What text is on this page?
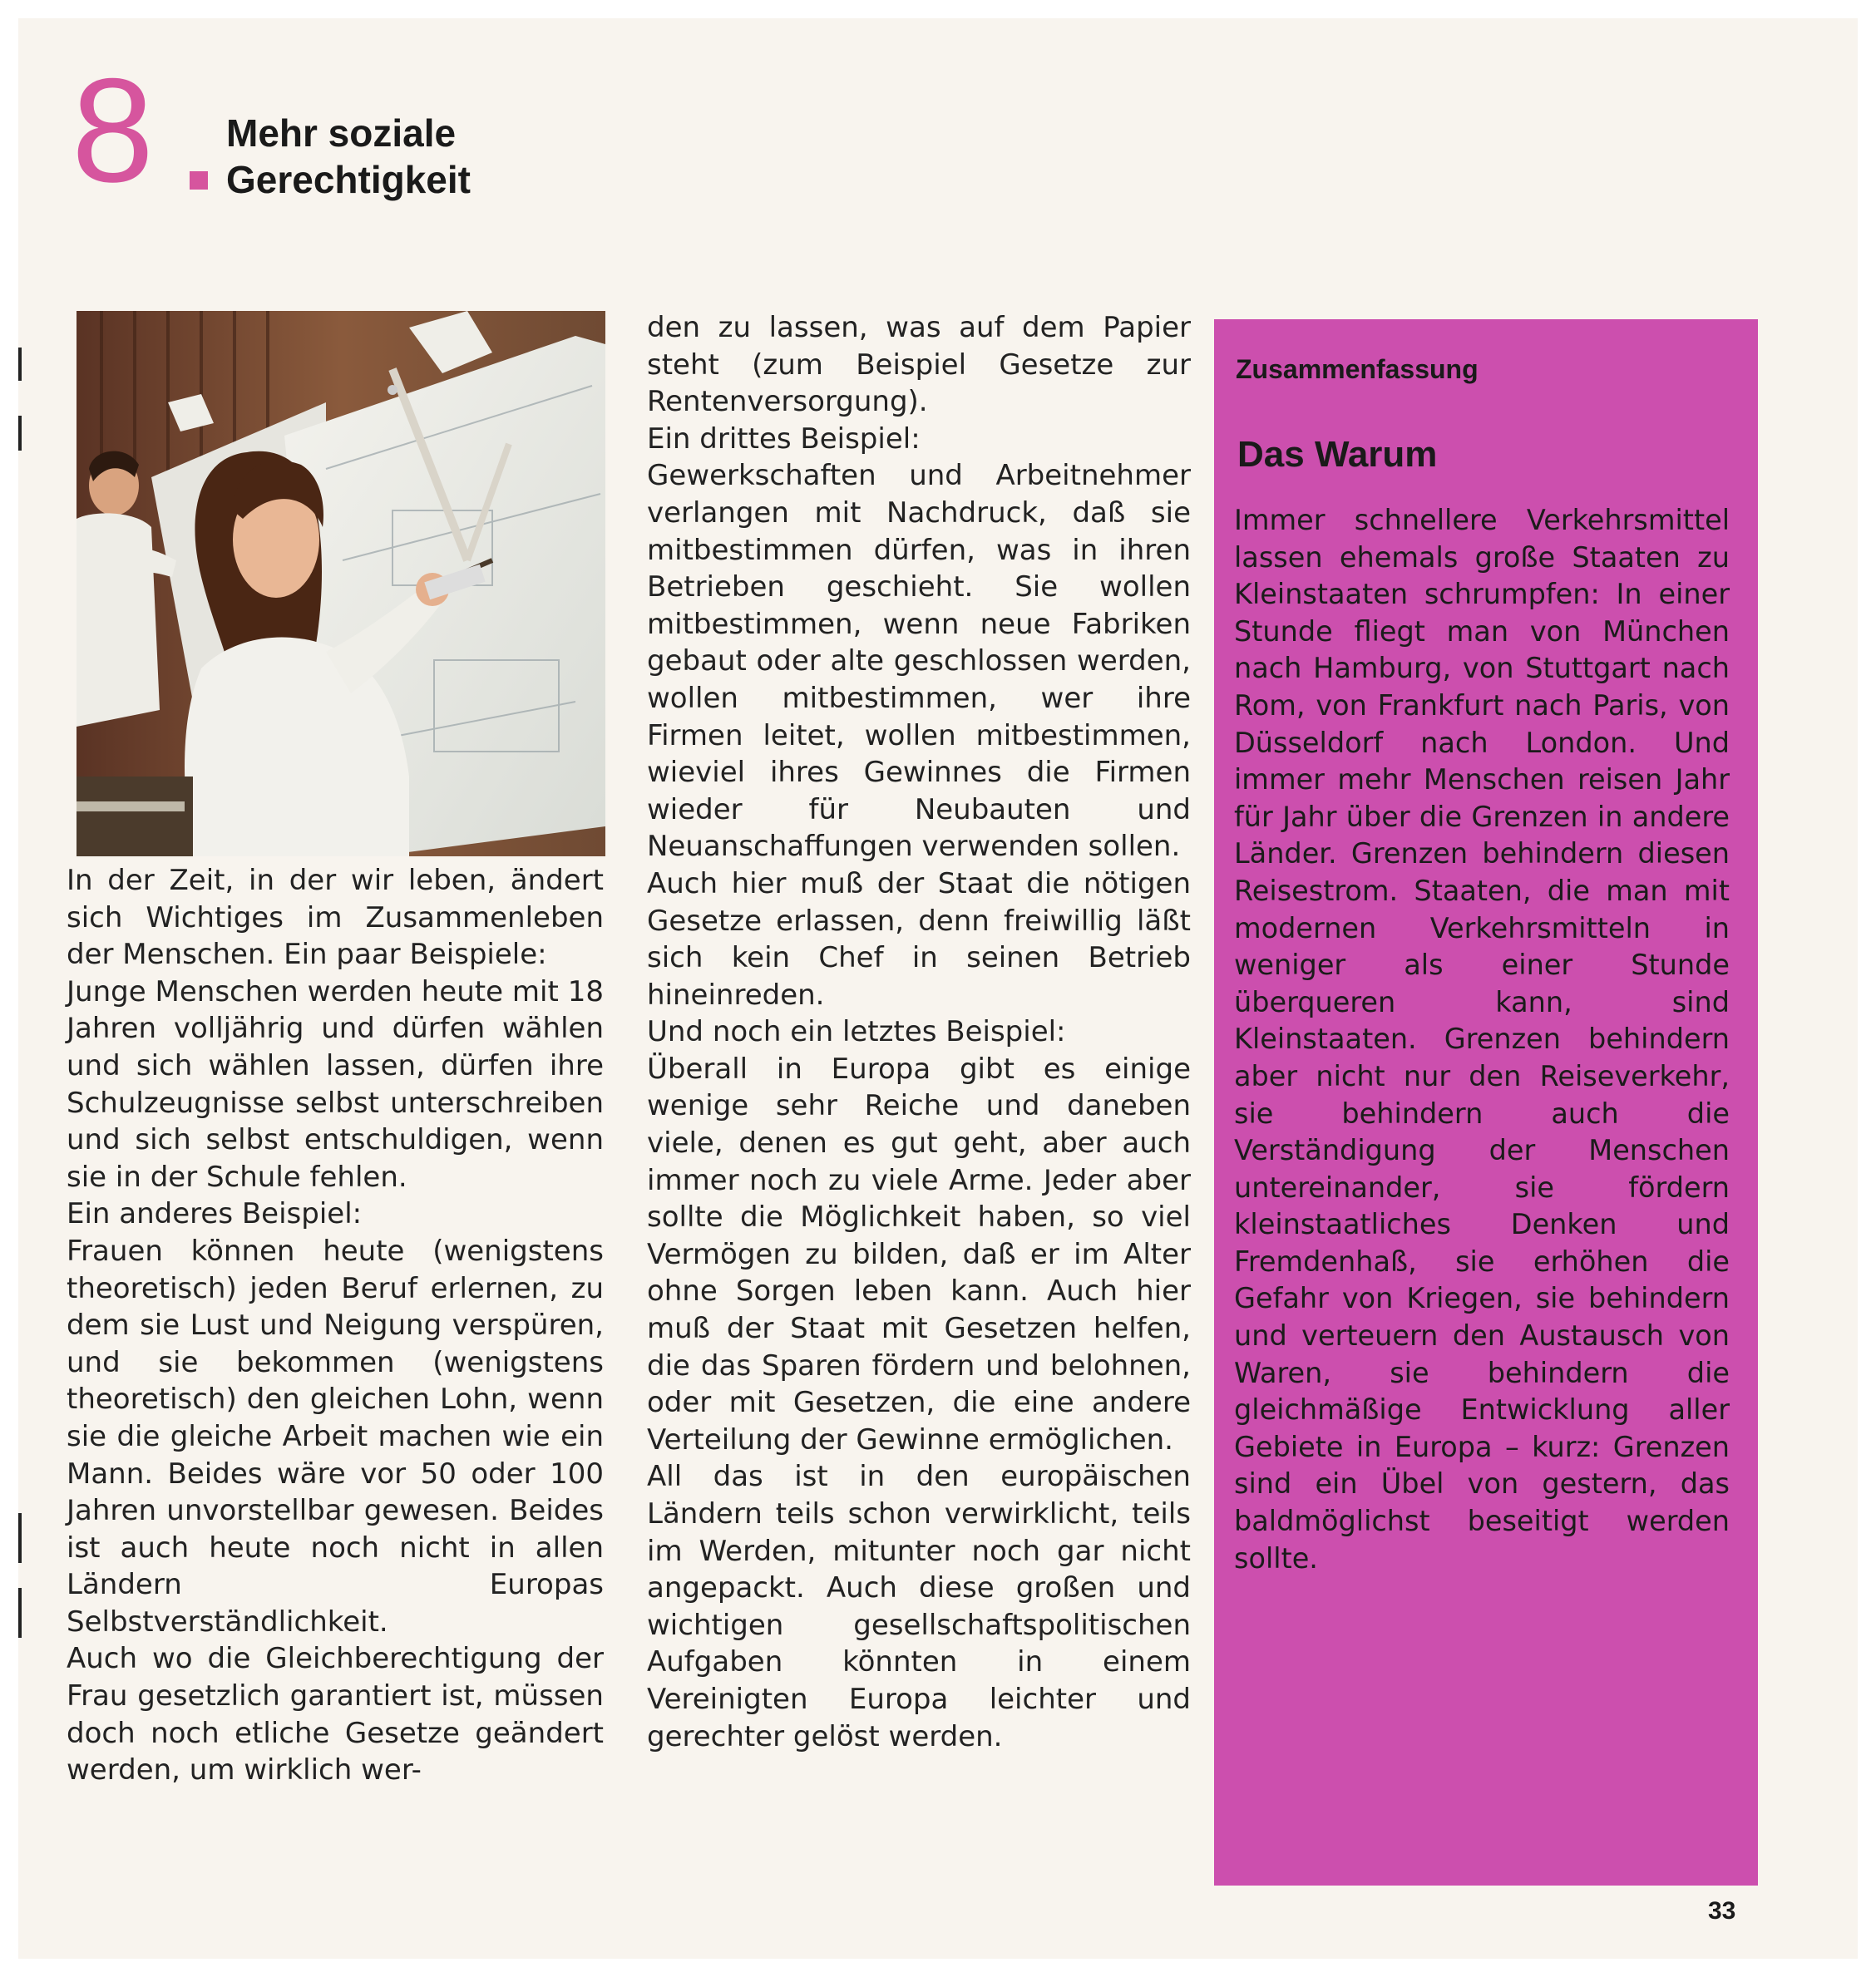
8 Mehr soziale
Gerechtigkeit

In der Zeit, in der wir leben, ändert sich Wichtiges im Zusammenleben der Menschen. Ein paar Beispiele:

Junge Menschen werden heute mit 18 Jahren volljährig und dürfen wählen und sich wählen lassen, dürfen ihre Schulzeugnisse selbst unterschreiben und sich selbst entschuldigen, wenn sie in der Schule fehlen.

Ein anderes Beispiel:

Frauen können heute (wenigstens theoretisch) jeden Beruf erlernen, zu dem sie Lust und Neigung verspüren, und sie bekommen (wenigstens theoretisch) den gleichen Lohn, wenn sie die gleiche Arbeit machen wie ein Mann. Beides wäre vor 50 oder 100 Jahren unvorstellbar gewesen. Beides ist auch heute noch nicht in allen Ländern Europas Selbstverständlichkeit.

Auch wo die Gleichberechtigung der Frau gesetzlich garantiert ist, müssen doch noch etliche Gesetze geändert werden, um wirklich wer-

den zu lassen, was auf dem Papier steht (zum Beispiel Gesetze zur Rentenversorgung).

Ein drittes Beispiel:

Gewerkschaften und Arbeitnehmer verlangen mit Nachdruck, daß sie mitbestimmen dürfen, was in ihren Betrieben geschieht. Sie wollen mitbestimmen, wenn neue Fabriken gebaut oder alte geschlossen werden, wollen mitbestimmen, wer ihre Firmen leitet, wollen mitbestimmen, wieviel ihres Gewinnes die Firmen wieder für Neubauten und Neuanschaffungen verwenden sollen.

Auch hier muß der Staat die nötigen Gesetze erlassen, denn freiwillig läßt sich kein Chef in seinen Betrieb hineinreden.

Und noch ein letztes Beispiel:

Überall in Europa gibt es einige wenige sehr Reiche und daneben viele, denen es gut geht, aber auch immer noch zu viele Arme. Jeder aber sollte die Möglichkeit haben, so viel Vermögen zu bilden, daß er im Alter ohne Sorgen leben kann. Auch hier muß der Staat mit Gesetzen helfen, die das Sparen fördern und belohnen, oder mit Gesetzen, die eine andere Verteilung der Gewinne ermöglichen.

All das ist in den europäischen Ländern teils schon verwirklicht, teils im Werden, mitunter noch gar nicht angepackt. Auch diese großen und wichtigen gesellschaftspolitischen Aufgaben könnten in einem Vereinigten Europa leichter und gerechter gelöst werden.

Zusammenfassung
Das Warum

Immer schnellere Verkehrsmittel lassen ehemals große Staaten zu Kleinstaaten schrumpfen: In einer Stunde fliegt man von München nach Hamburg, von Stuttgart nach Rom, von Frankfurt nach Paris, von Düsseldorf nach London. Und immer mehr Menschen reisen Jahr für Jahr über die Grenzen in andere Länder. Grenzen behindern diesen Reisestrom. Staaten, die man mit modernen Verkehrsmitteln in weniger als einer Stunde überqueren kann, sind Kleinstaaten. Grenzen behindern aber nicht nur den Reiseverkehr, sie behindern auch die Verständigung der Menschen untereinander, sie fördern kleinstaatliches Denken und Fremdenhaß, sie erhöhen die Gefahr von Kriegen, sie behindern und verteuern den Austausch von Waren, sie behindern die gleichmäßige Entwicklung aller Gebiete in Europa – kurz: Grenzen sind ein Übel von gestern, das baldmöglichst beseitigt werden sollte.

33
